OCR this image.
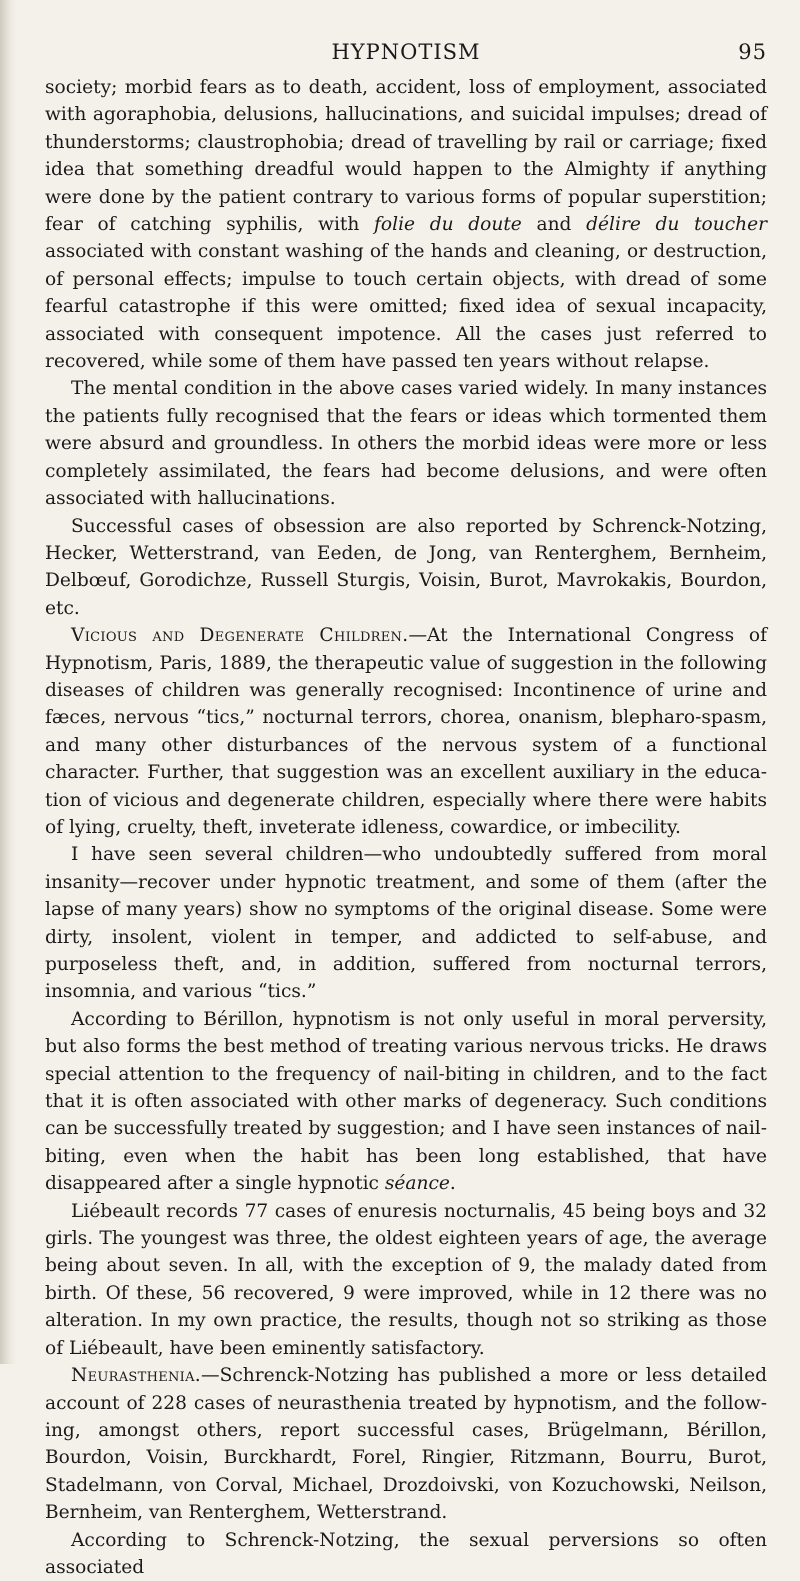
HYPNOTISM	95

society; morbid fears as to death, accident, loss of employment, associated with agoraphobia, delusions, hallucinations, and suicidal impulses; dread of thunderstorms; claustrophobia; dread of travelling by rail or carriage; fixed idea that something dreadful would happen to the Almighty if anything were done by the patient contrary to various forms of popular superstition; fear of catching syphilis, with folie du doute and délire du toucher associated with constant washing of the hands and cleaning, or destruction, of personal effects; impulse to touch certain objects, with dread of some fearful catastrophe if this were omitted; fixed idea of sexual incapacity, associated with consequent impotence. All the cases just referred to recovered, while some of them have passed ten years without relapse.

The mental condition in the above cases varied widely. In many instances the patients fully recognised that the fears or ideas which tormented them were absurd and groundless. In others the morbid ideas were more or less completely assimilated, the fears had become delusions, and were often associated with hallucinations.

Successful cases of obsession are also reported by Schrenck-Notzing, Hecker, Wetterstrand, van Eeden, de Jong, van Renterghem, Bernheim, Delbœuf, Gorodichze, Russell Sturgis, Voisin, Burot, Mavrokakis, Bourdon, etc.

Vicious and Degenerate Children.—At the International Congress of Hypnotism, Paris, 1889, the therapeutic value of suggestion in the following diseases of children was generally recognised: Incontinence of urine and fæces, nervous “tics,” nocturnal terrors, chorea, onanism, blepharo-spasm, and many other disturbances of the nervous system of a functional character. Further, that suggestion was an excellent auxiliary in the educa-tion of vicious and degenerate children, especially where there were habits of lying, cruelty, theft, inveterate idleness, cowardice, or imbecility.

I have seen several children—who undoubtedly suffered from moral insanity—recover under hypnotic treatment, and some of them (after the lapse of many years) show no symptoms of the original disease. Some were dirty, insolent, violent in temper, and addicted to self-abuse, and purposeless theft, and, in addition, suffered from nocturnal terrors, insomnia, and various “tics.”

According to Bérillon, hypnotism is not only useful in moral perversity, but also forms the best method of treating various nervous tricks. He draws special attention to the frequency of nail-biting in children, and to the fact that it is often associated with other marks of degeneracy. Such conditions can be successfully treated by suggestion; and I have seen instances of nail-biting, even when the habit has been long established, that have disappeared after a single hypnotic séance.

Liébeault records 77 cases of enuresis nocturnalis, 45 being boys and 32 girls. The youngest was three, the oldest eighteen years of age, the average being about seven. In all, with the exception of 9, the malady dated from birth. Of these, 56 recovered, 9 were improved, while in 12 there was no alteration. In my own practice, the results, though not so striking as those of Liébeault, have been eminently satisfactory.

Neurasthenia.—Schrenck-Notzing has published a more or less detailed account of 228 cases of neurasthenia treated by hypnotism, and the follow-ing, amongst others, report successful cases, Brügelmann, Bérillon, Bourdon, Voisin, Burckhardt, Forel, Ringier, Ritzmann, Bourru, Burot, Stadelmann, von Corval, Michael, Drozdoivski, von Kozuchowski, Neilson, Bernheim, van Renterghem, Wetterstrand.

According to Schrenck-Notzing, the sexual perversions so often associated
